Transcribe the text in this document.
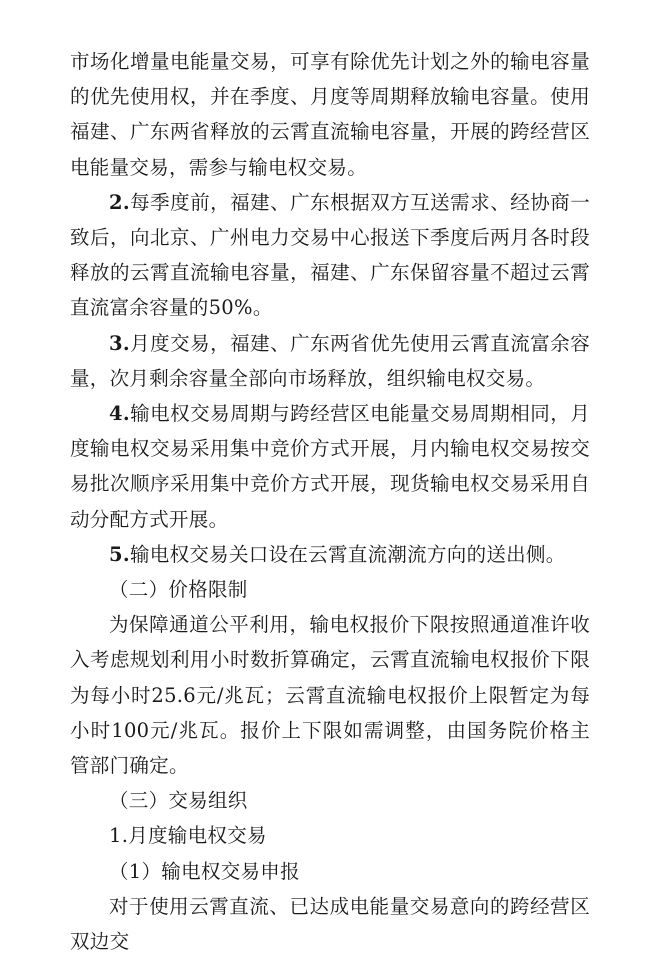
市场化增量电能量交易，可享有除优先计划之外的输电容量的优先使用权，并在季度、月度等周期释放输电容量。使用福建、广东两省释放的云霄直流输电容量，开展的跨经营区电能量交易，需参与输电权交易。

2.每季度前，福建、广东根据双方互送需求、经协商一致后，向北京、广州电力交易中心报送下季度后两月各时段释放的云霄直流输电容量，福建、广东保留容量不超过云霄直流富余容量的50%。

3.月度交易，福建、广东两省优先使用云霄直流富余容量，次月剩余容量全部向市场释放，组织输电权交易。

4.输电权交易周期与跨经营区电能量交易周期相同，月度输电权交易采用集中竞价方式开展，月内输电权交易按交易批次顺序采用集中竞价方式开展，现货输电权交易采用自动分配方式开展。

5.输电权交易关口设在云霄直流潮流方向的送出侧。

（二）价格限制

为保障通道公平利用，输电权报价下限按照通道准许收入考虑规划利用小时数折算确定，云霄直流输电权报价下限为每小时25.6元/兆瓦；云霄直流输电权报价上限暂定为每小时100元/兆瓦。报价上下限如需调整，由国务院价格主管部门确定。

（三）交易组织

1.月度输电权交易

（1）输电权交易申报

对于使用云霄直流、已达成电能量交易意向的跨经营区双边交
